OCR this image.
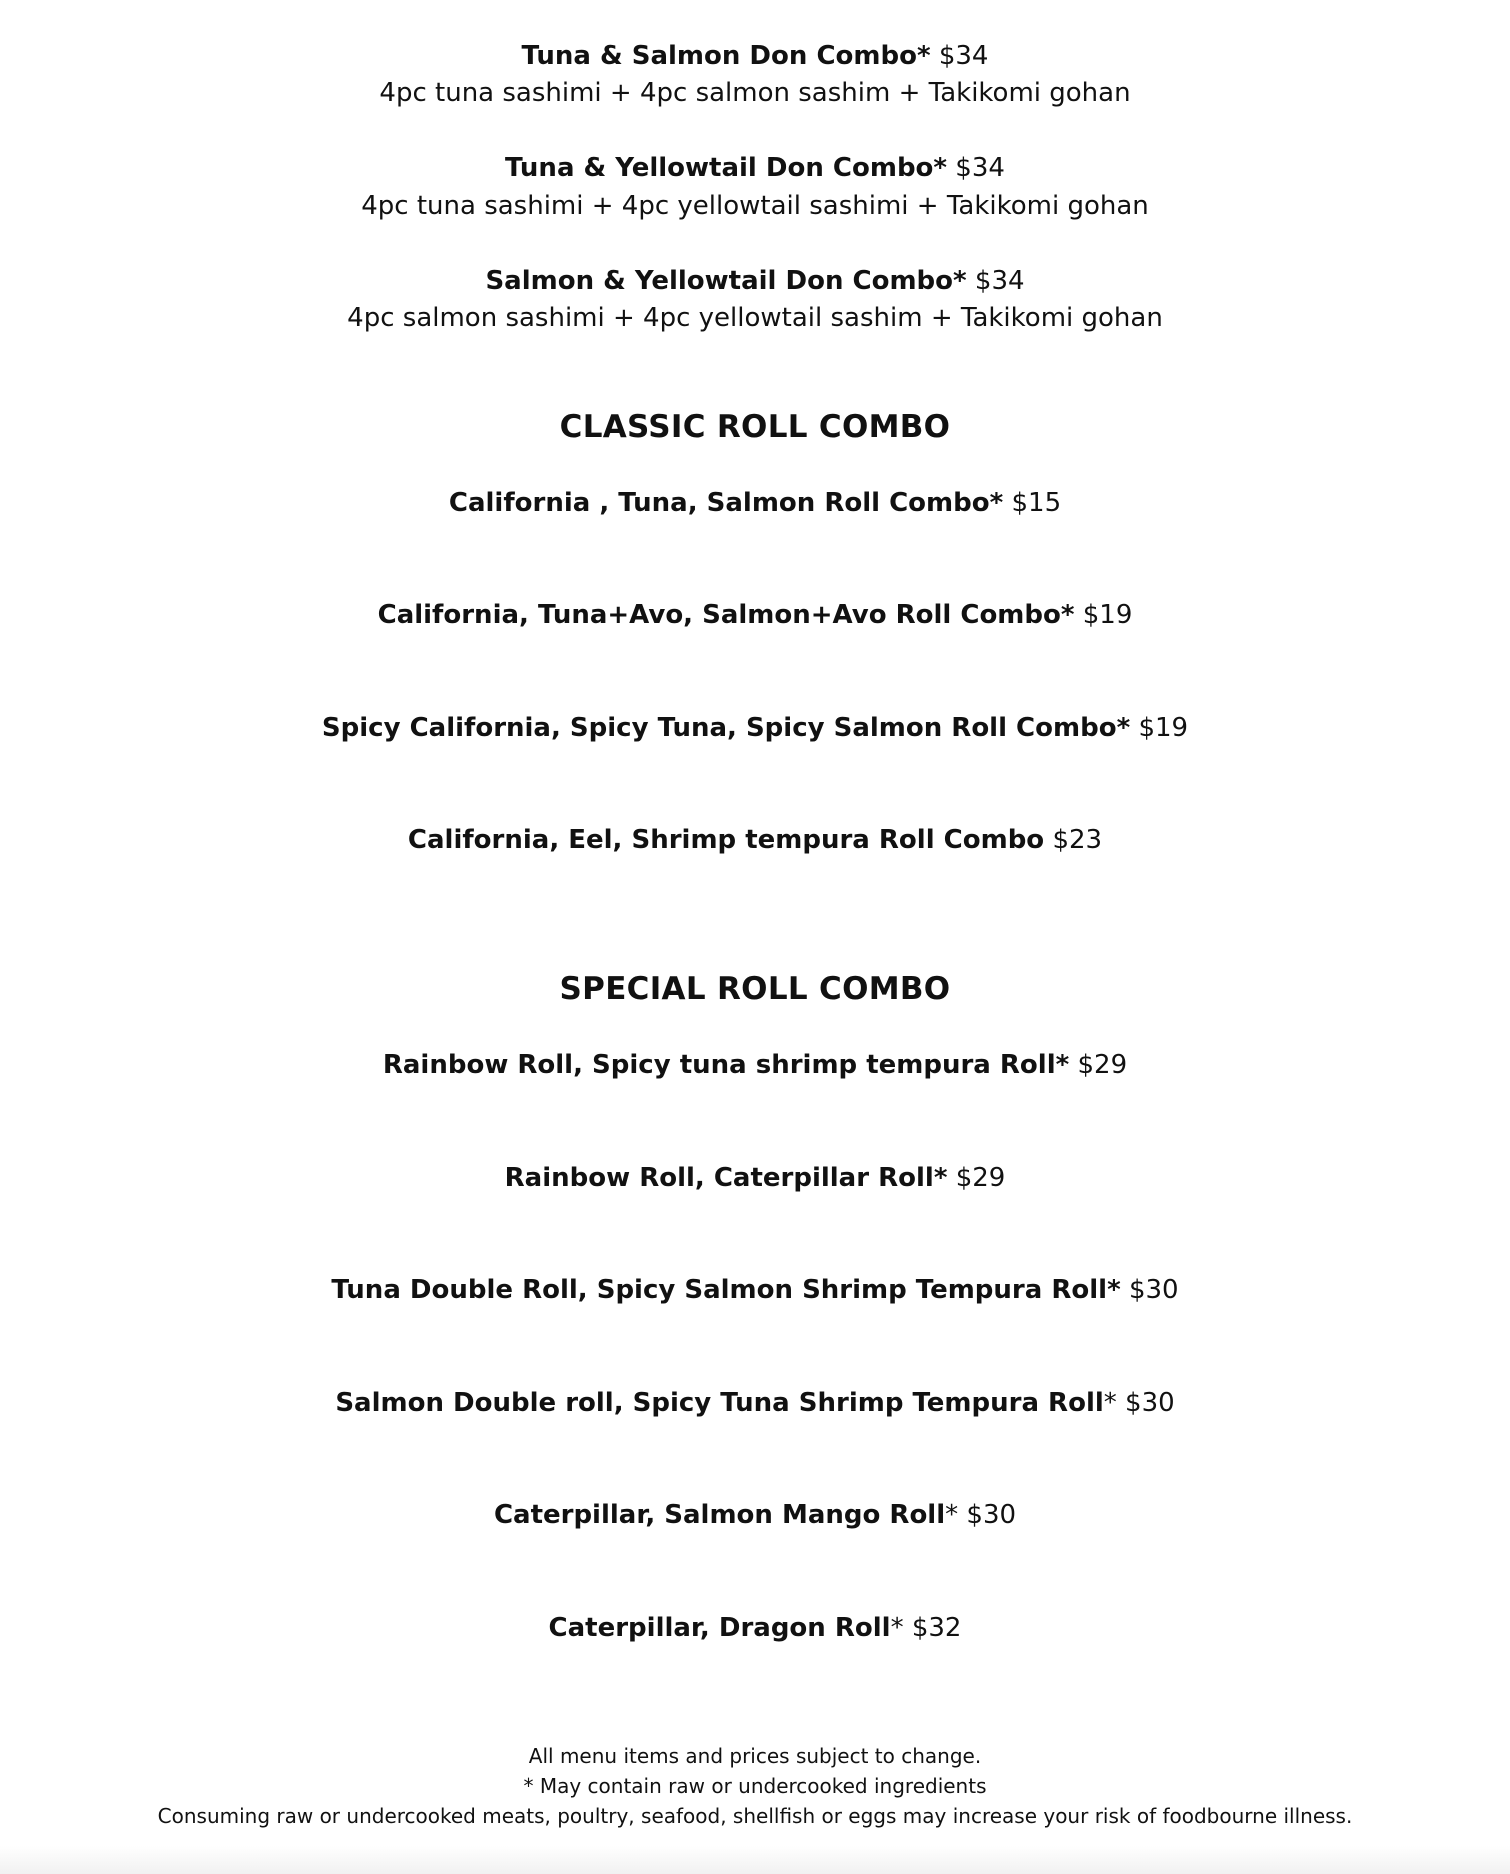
Tuna & Salmon Don Combo* $34
4pc tuna sashimi + 4pc salmon sashim + Takikomi gohan
Tuna & Yellowtail Don Combo* $34
4pc tuna sashimi + 4pc yellowtail sashimi + Takikomi gohan
Salmon & Yellowtail Don Combo* $34
4pc salmon sashimi + 4pc yellowtail sashim + Takikomi gohan
CLASSIC ROLL COMBO
California , Tuna, Salmon Roll Combo* $15
California, Tuna+Avo, Salmon+Avo Roll Combo* $19
Spicy California, Spicy Tuna, Spicy Salmon Roll Combo* $19
California, Eel, Shrimp tempura Roll Combo $23
SPECIAL ROLL COMBO
Rainbow Roll, Spicy tuna shrimp tempura Roll* $29
Rainbow Roll, Caterpillar Roll* $29
Tuna Double Roll, Spicy Salmon Shrimp Tempura Roll* $30
Salmon Double roll, Spicy Tuna Shrimp Tempura Roll* $30
Caterpillar, Salmon Mango Roll* $30
Caterpillar, Dragon Roll* $32
All menu items and prices subject to change.
* May contain raw or undercooked ingredients
Consuming raw or undercooked meats, poultry, seafood, shellfish or eggs may increase your risk of foodbourne illness.
